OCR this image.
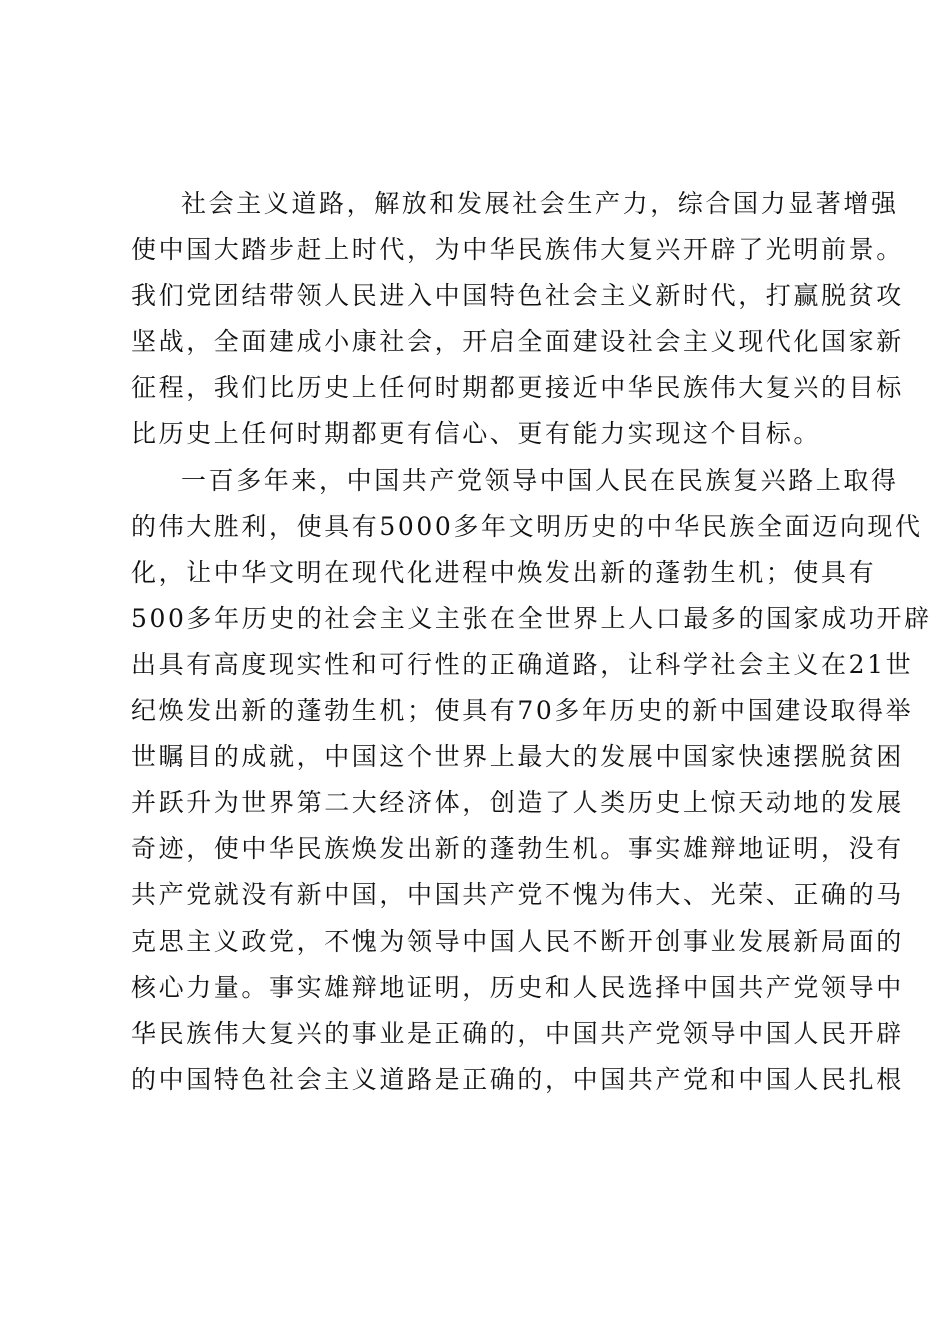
社会主义道路，解放和发展社会生产力，综合国力显著增强
使中国大踏步赶上时代，为中华民族伟大复兴开辟了光明前景。
我们党团结带领人民进入中国特色社会主义新时代，打赢脱贫攻
坚战，全面建成小康社会，开启全面建设社会主义现代化国家新
征程，我们比历史上任何时期都更接近中华民族伟大复兴的目标
比历史上任何时期都更有信心、更有能力实现这个目标。
一百多年来，中国共产党领导中国人民在民族复兴路上取得
的伟大胜利，使具有5000多年文明历史的中华民族全面迈向现代
化，让中华文明在现代化进程中焕发出新的蓬勃生机；使具有
500多年历史的社会主义主张在全世界上人口最多的国家成功开辟
出具有高度现实性和可行性的正确道路，让科学社会主义在21世
纪焕发出新的蓬勃生机；使具有70多年历史的新中国建设取得举
世瞩目的成就，中国这个世界上最大的发展中国家快速摆脱贫困
并跃升为世界第二大经济体，创造了人类历史上惊天动地的发展
奇迹，使中华民族焕发出新的蓬勃生机。事实雄辩地证明，没有
共产党就没有新中国，中国共产党不愧为伟大、光荣、正确的马
克思主义政党，不愧为领导中国人民不断开创事业发展新局面的
核心力量。事实雄辩地证明，历史和人民选择中国共产党领导中
华民族伟大复兴的事业是正确的，中国共产党领导中国人民开辟
的中国特色社会主义道路是正确的，中国共产党和中国人民扎根
